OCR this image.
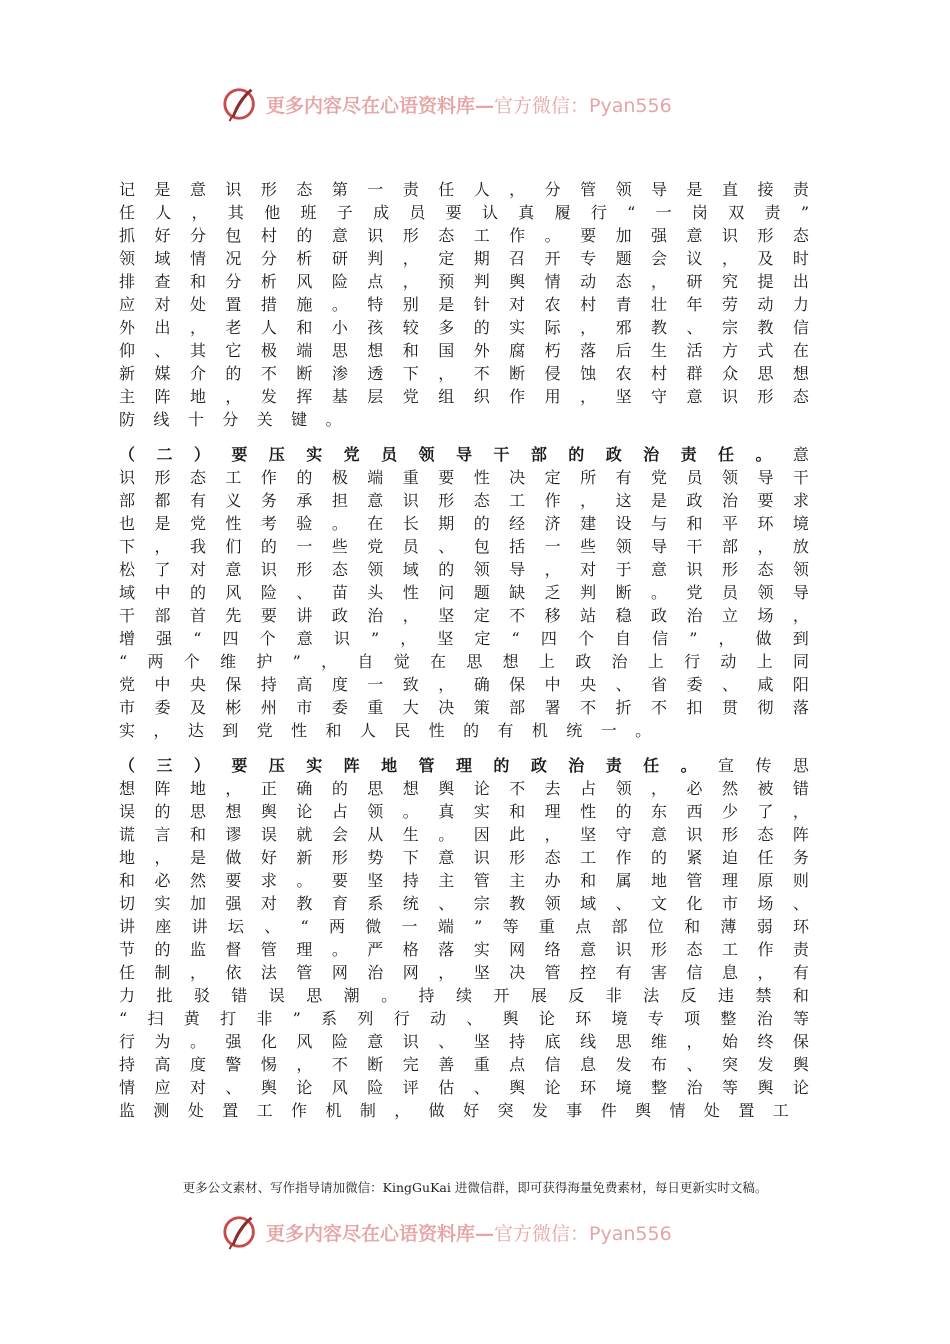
更多内容尽在心语资料库—官方微信：Pyan556
记 是 意 识 形 态 第 一 责 任 人 ， 分 管 领 导 是 直 接 责
任 人 ， 其 他 班 子 成 员 要 认 真 履 行 “ 一 岗 双 责 ”
抓 好 分 包 村 的 意 识 形 态 工 作 。 要 加 强 意 识 形 态
领 域 情 况 分 析 研 判 ， 定 期 召 开 专 题 会 议 ， 及 时
排 查 和 分 析 风 险 点 ， 预 判 舆 情 动 态 ， 研 究 提 出
应 对 处 置 措 施 。 特 别 是 针 对 农 村 青 壮 年 劳 动 力
外 出 ， 老 人 和 小 孩 较 多 的 实 际 ， 邪 教 、 宗 教 信
仰 、 其 它 极 端 思 想 和 国 外 腐 朽 落 后 生 活 方 式 在
新 媒 介 的 不 断 渗 透 下 ， 不 断 侵 蚀 农 村 群 众 思 想
主 阵 地 ， 发 挥 基 层 党 组 织 作 用 ， 坚 守 意 识 形 态
防 线 十 分 关 键 。
（ 二 ） 要 压 实 党 员 领 导 干 部 的 政 治 责 任 。 意
识 形 态 工 作 的 极 端 重 要 性 决 定 所 有 党 员 领 导 干
部 都 有 义 务 承 担 意 识 形 态 工 作 ， 这 是 政 治 要 求
也 是 党 性 考 验 。 在 长 期 的 经 济 建 设 与 和 平 环 境
下 ， 我 们 的 一 些 党 员 、 包 括 一 些 领 导 干 部 ， 放
松 了 对 意 识 形 态 领 域 的 领 导 ， 对 于 意 识 形 态 领
域 中 的 风 险 、 苗 头 性 问 题 缺 乏 判 断 。 党 员 领 导
干 部 首 先 要 讲 政 治 ， 坚 定 不 移 站 稳 政 治 立 场 ，
增 强 “ 四 个 意 识 ” ， 坚 定 “ 四 个 自 信 ” ， 做 到
“ 两 个 维 护 ” ， 自 觉 在 思 想 上 政 治 上 行 动 上 同
党 中 央 保 持 高 度 一 致 ， 确 保 中 央 、 省 委 、 咸 阳
市 委 及 彬 州 市 委 重 大 决 策 部 署 不 折 不 扣 贯 彻 落
实 ， 达 到 党 性 和 人 民 性 的 有 机 统 一 。
（ 三 ） 要 压 实 阵 地 管 理 的 政 治 责 任 。 宣 传 思
想 阵 地 ， 正 确 的 思 想 舆 论 不 去 占 领 ， 必 然 被 错
误 的 思 想 舆 论 占 领 。 真 实 和 理 性 的 东 西 少 了 ，
谎 言 和 谬 误 就 会 从 生 。 因 此 ， 坚 守 意 识 形 态 阵
地 ， 是 做 好 新 形 势 下 意 识 形 态 工 作 的 紧 迫 任 务
和 必 然 要 求 。 要 坚 持 主 管 主 办 和 属 地 管 理 原 则
切 实 加 强 对 教 育 系 统 、 宗 教 领 域 、 文 化 市 场 、
讲 座 讲 坛 、 “ 两 微 一 端 ” 等 重 点 部 位 和 薄 弱 环
节 的 监 督 管 理 。 严 格 落 实 网 络 意 识 形 态 工 作 责
任 制 ， 依 法 管 网 治 网 ， 坚 决 管 控 有 害 信 息 ， 有
力 批 驳 错 误 思 潮 。 持 续 开 展 反 非 法 反 违 禁 和
“ 扫 黄 打 非 ” 系 列 行 动 、 舆 论 环 境 专 项 整 治 等
行 为 。 强 化 风 险 意 识 、 坚 持 底 线 思 维 ， 始 终 保
持 高 度 警 惕 ， 不 断 完 善 重 点 信 息 发 布 、 突 发 舆
情 应 对 、 舆 论 风 险 评 估 、 舆 论 环 境 整 治 等 舆 论
监 测 处 置 工 作 机 制 ， 做 好 突 发 事 件 舆 情 处 置 工
更多公文素材、写作指导请加微信：KingGuKai 进微信群，即可获得海量免费素材，每日更新实时文稿。
更多内容尽在心语资料库—官方微信：Pyan556
